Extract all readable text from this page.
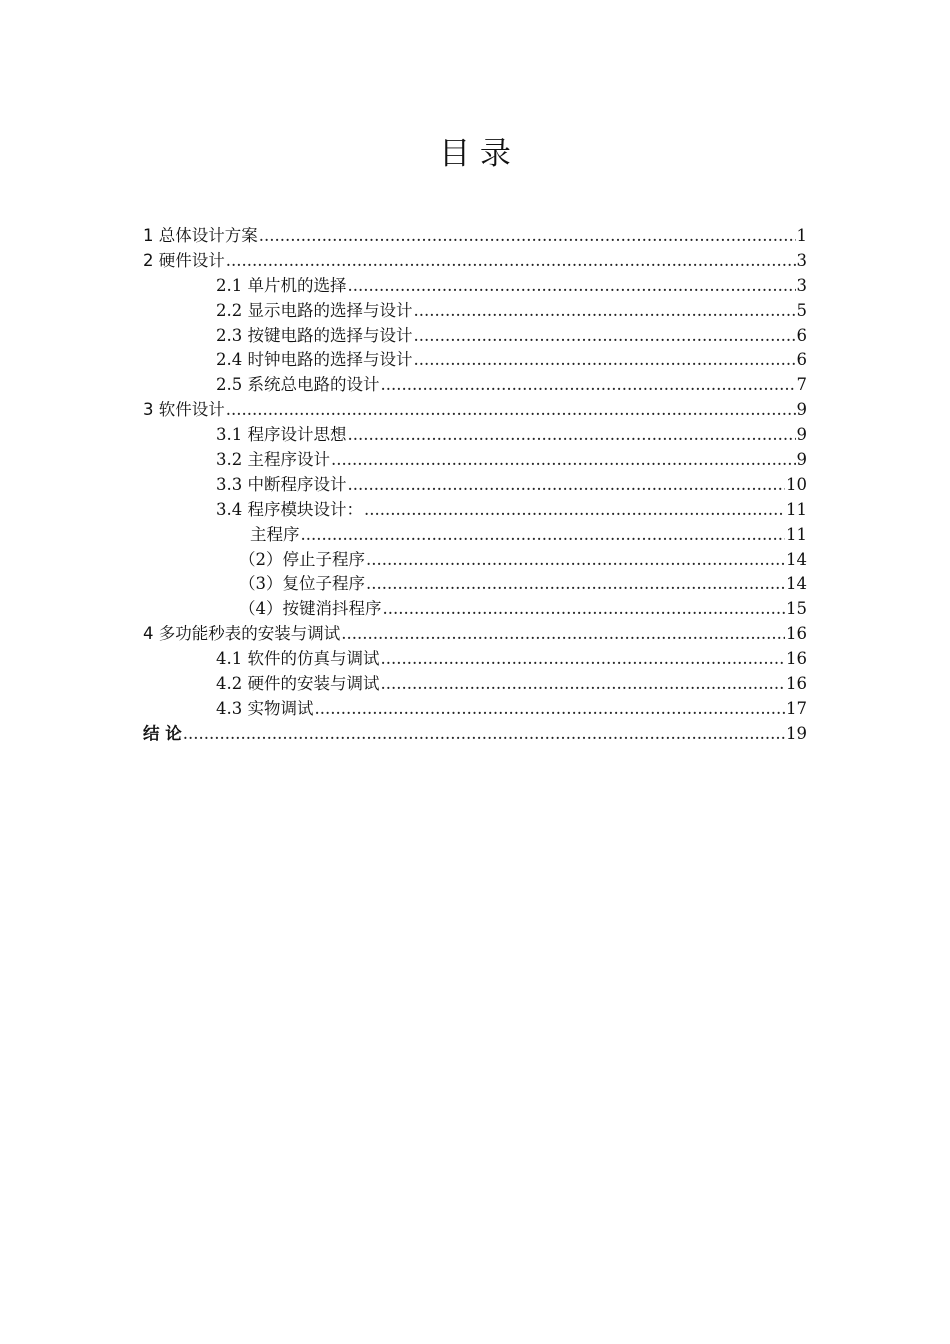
目 录
1 总体设计方案 .....	1
2 硬件设计 .....	3
2.1 单片机的选择 .....	3
2.2 显示电路的选择与设计 .....	5
2.3 按键电路的选择与设计 .....	6
2.4 时钟电路的选择与设计 .....	6
2.5 系统总电路的设计 .....	7
3 软件设计 .....	9
3.1 程序设计思想 .....	9
3.2 主程序设计 .....	9
3.3 中断程序设计 .....	10
3.4 程序模块设计： .....	11
主程序 .....	11
（2）停止子程序 .....	14
（3）复位子程序 .....	14
（4）按键消抖程序 .....	15
4 多功能秒表的安装与调试 .....	16
4.1 软件的仿真与调试 .....	16
4.2 硬件的安装与调试 .....	16
4.3 实物调试 .....	17
结 论 .....	19
